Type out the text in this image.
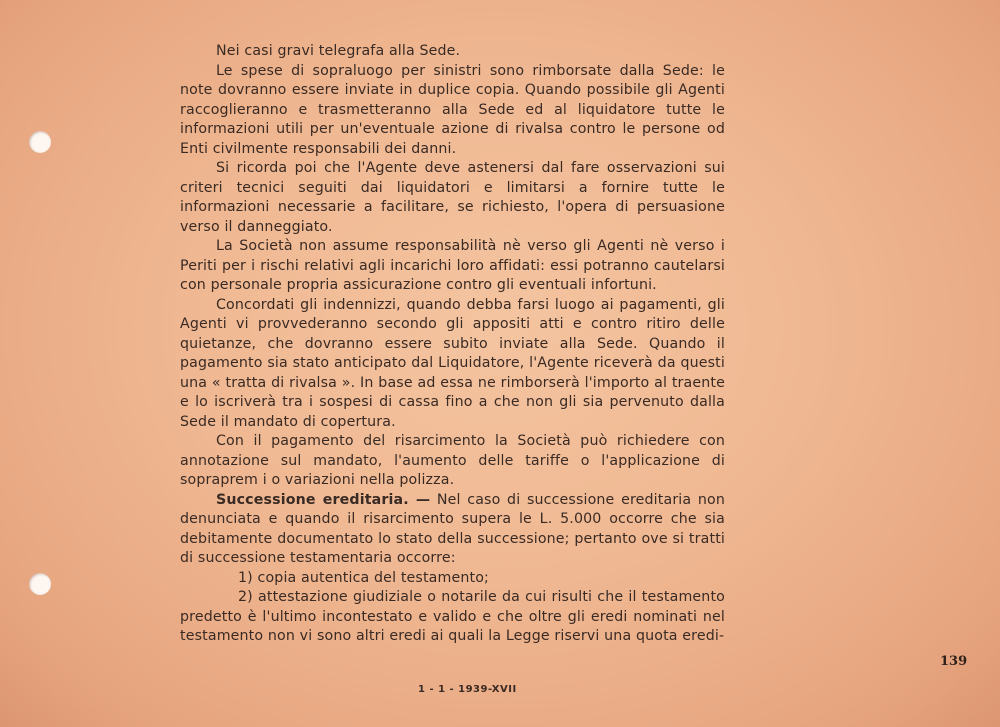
Nei casi gravi telegrafa alla Sede.

Le spese di sopraluogo per sinistri sono rimborsate dalla Sede: le note dovranno essere inviate in duplice copia. Quando possibile gli Agenti raccoglieranno e trasmetteranno alla Sede ed al liquidatore tutte le informazioni utili per un'eventuale azione di rivalsa contro le persone od Enti civilmente responsabili dei danni.

Si ricorda poi che l'Agente deve astenersi dal fare osservazioni sui criteri tecnici seguiti dai liquidatori e limitarsi a fornire tutte le informazioni necessarie a facilitare, se richiesto, l'opera di persuasione verso il danneggiato.

La Società non assume responsabilità nè verso gli Agenti nè verso i Periti per i rischi relativi agli incarichi loro affidati: essi potranno cautelarsi con personale propria assicurazione contro gli eventuali infortuni.

Concordati gli indennizzi, quando debba farsi luogo ai pagamenti, gli Agenti vi provvederanno secondo gli appositi atti e contro ritiro delle quietanze, che dovranno essere subito inviate alla Sede. Quando il pagamento sia stato anticipato dal Liquidatore, l'Agente riceverà da questi una « tratta di rivalsa ». In base ad essa ne rimborserà l'importo al traente e lo iscriverà tra i sospesi di cassa fino a che non gli sia pervenuto dalla Sede il mandato di copertura.

Con il pagamento del risarcimento la Società può richiedere con annotazione sul mandato, l'aumento delle tariffe o l'applicazione di sopraprem i o variazioni nella polizza.

Successione ereditaria. — Nel caso di successione ereditaria non denunciata e quando il risarcimento supera le L. 5.000 occorre che sia debitamente documentato lo stato della successione; pertanto ove si tratti di successione testamentaria occorre:

1) copia autentica del testamento;

2) attestazione giudiziale o notarile da cui risulti che il testamento predetto è l'ultimo incontestato e valido e che oltre gli eredi nominati nel testamento non vi sono altri eredi ai quali la Legge riservi una quota eredi-

139
1 - 1 - 1939-XVII
